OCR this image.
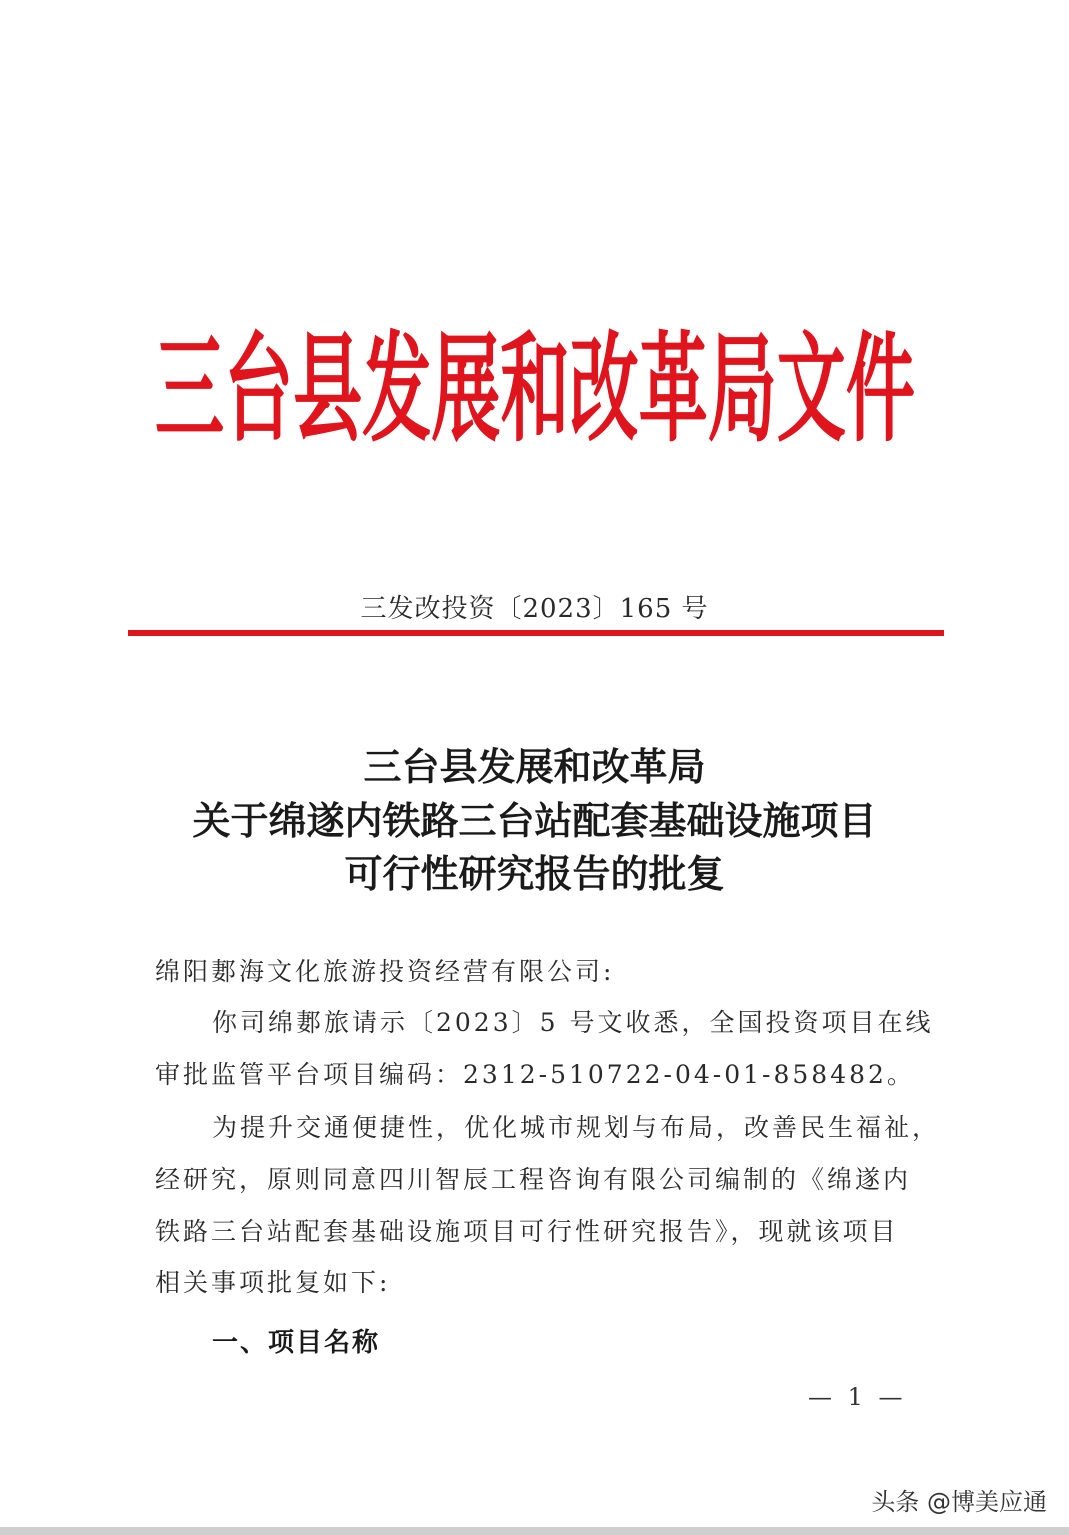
三台县发展和改革局文件
三发改投资〔2023〕165 号
三台县发展和改革局
关于绵遂内铁路三台站配套基础设施项目
可行性研究报告的批复
绵阳郪海文化旅游投资经营有限公司:
你司绵郪旅请示〔2023〕5 号文收悉，全国投资项目在线
审批监管平台项目编码：2312-510722-04-01-858482。
为提升交通便捷性，优化城市规划与布局，改善民生福祉，
经研究，原则同意四川智辰工程咨询有限公司编制的《绵遂内
铁路三台站配套基础设施项目可行性研究报告》，现就该项目
相关事项批复如下:
一、项目名称
— 1 —
头条 @博美应通
